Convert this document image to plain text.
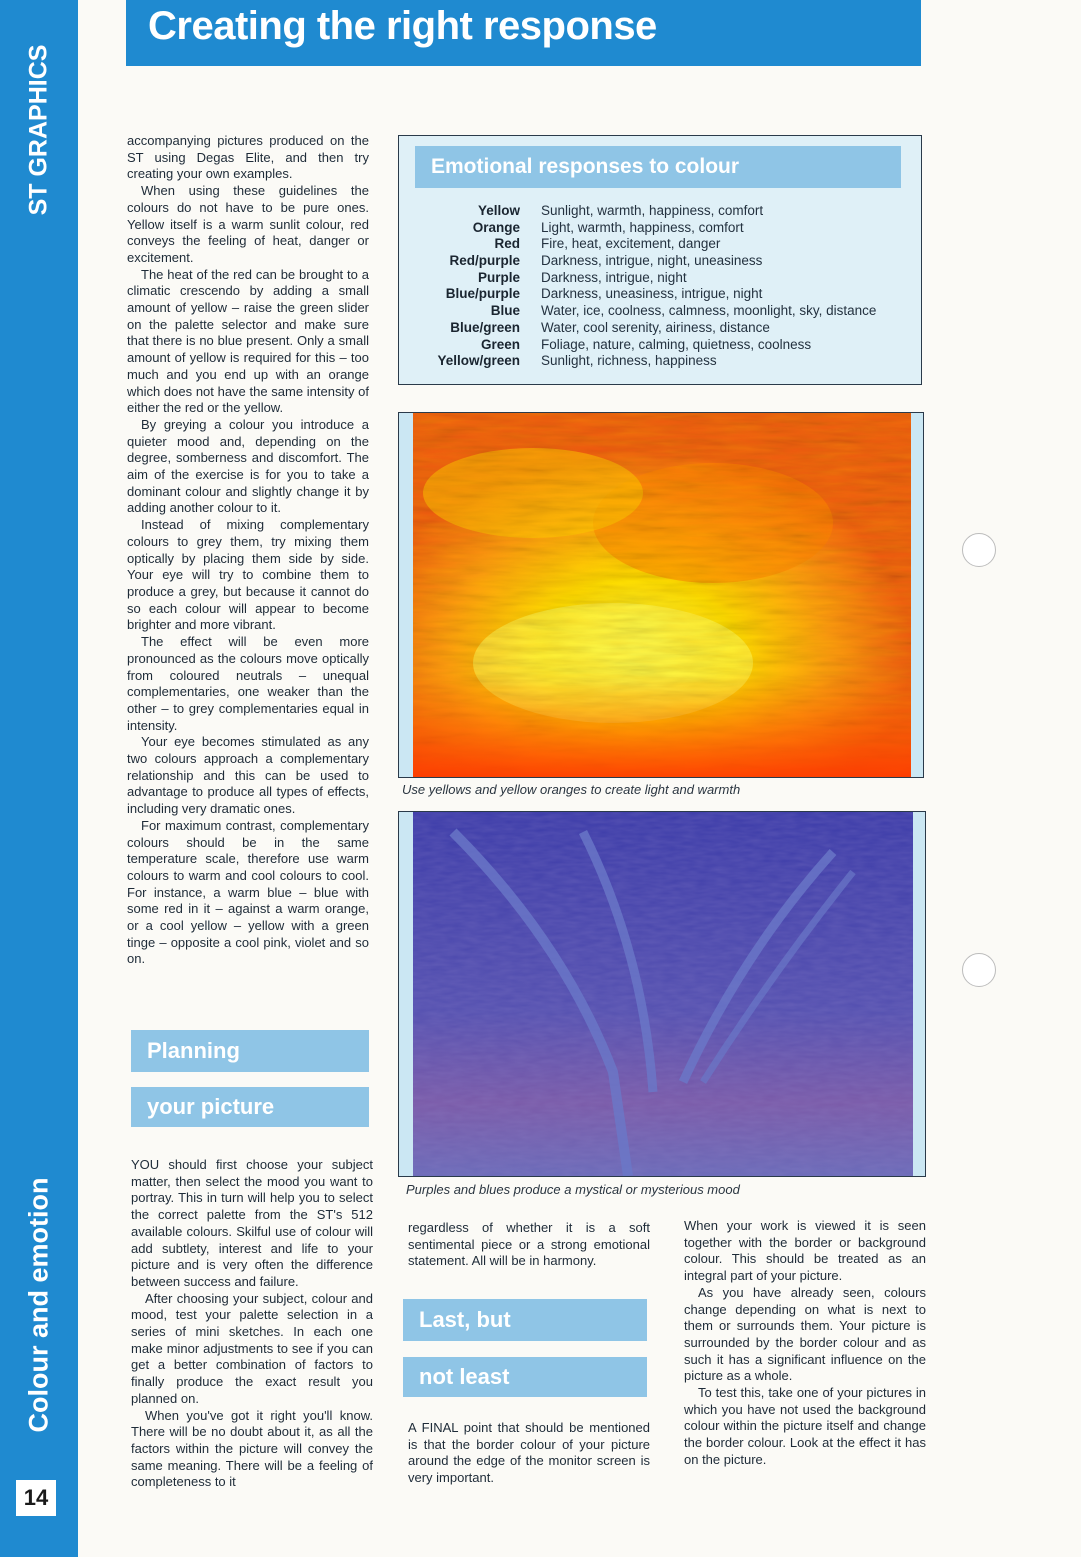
ST GRAPHICS
Colour and emotion
14
Creating the right response

accompanying pictures produced on the ST using Degas Elite, and then try creating your own examples.

When using these guidelines the colours do not have to be pure ones. Yellow itself is a warm sunlit colour, red conveys the feeling of heat, danger or excitement.

The heat of the red can be brought to a climatic crescendo by adding a small amount of yellow – raise the green slider on the palette selector and make sure that there is no blue present. Only a small amount of yellow is required for this – too much and you end up with an orange which does not have the same intensity of either the red or the yellow.

By greying a colour you introduce a quieter mood and, depending on the degree, somberness and discomfort. The aim of the exercise is for you to take a dominant colour and slightly change it by adding another colour to it.

Instead of mixing complementary colours to grey them, try mixing them optically by placing them side by side. Your eye will try to combine them to produce a grey, but because it cannot do so each colour will appear to become brighter and more vibrant.

The effect will be even more pronounced as the colours move optically from coloured neutrals – unequal complementaries, one weaker than the other – to grey complementaries equal in intensity.

Your eye becomes stimulated as any two colours approach a complementary relationship and this can be used to advantage to produce all types of effects, including very dramatic ones.

For maximum contrast, complementary colours should be in the same temperature scale, therefore use warm colours to warm and cool colours to cool. For instance, a warm blue – blue with some red in it – against a warm orange, or a cool yellow – yellow with a green tinge – opposite a cool pink, violet and so on.

Planning
your picture

YOU should first choose your subject matter, then select the mood you want to portray. This in turn will help you to select the correct palette from the ST's 512 available colours. Skilful use of colour will add subtlety, interest and life to your picture and is very often the difference between success and failure.

After choosing your subject, colour and mood, test your palette selection in a series of mini sketches. In each one make minor adjustments to see if you can get a better combination of factors to finally produce the exact result you planned on.

When you've got it right you'll know. There will be no doubt about it, as all the factors within the picture will convey the same meaning. There will be a feeling of completeness to it

Emotional responses to colour
Yellow Sunlight, warmth, happiness, comfort
Orange Light, warmth, happiness, comfort
Red Fire, heat, excitement, danger
Red/purple Darkness, intrigue, night, uneasiness
Purple Darkness, intrigue, night
Blue/purple Darkness, uneasiness, intrigue, night
Blue Water, ice, coolness, calmness, moonlight, sky, distance
Blue/green Water, cool serenity, airiness, distance
Green Foliage, nature, calming, quietness, coolness
Yellow/green Sunlight, richness, happiness
Use yellows and yellow oranges to create light and warmth
Purples and blues produce a mystical or mysterious mood

regardless of whether it is a soft sentimental piece or a strong emotional statement. All will be in harmony.

Last, but
not least

A FINAL point that should be mentioned is that the border colour of your picture around the edge of the monitor screen is very important.

When your work is viewed it is seen together with the border or background colour. This should be treated as an integral part of your picture.

As you have already seen, colours change depending on what is next to them or surrounds them. Your picture is surrounded by the border colour and as such it has a significant influence on the picture as a whole.

To test this, take one of your pictures in which you have not used the background colour within the picture itself and change the border colour. Look at the effect it has on the picture.
